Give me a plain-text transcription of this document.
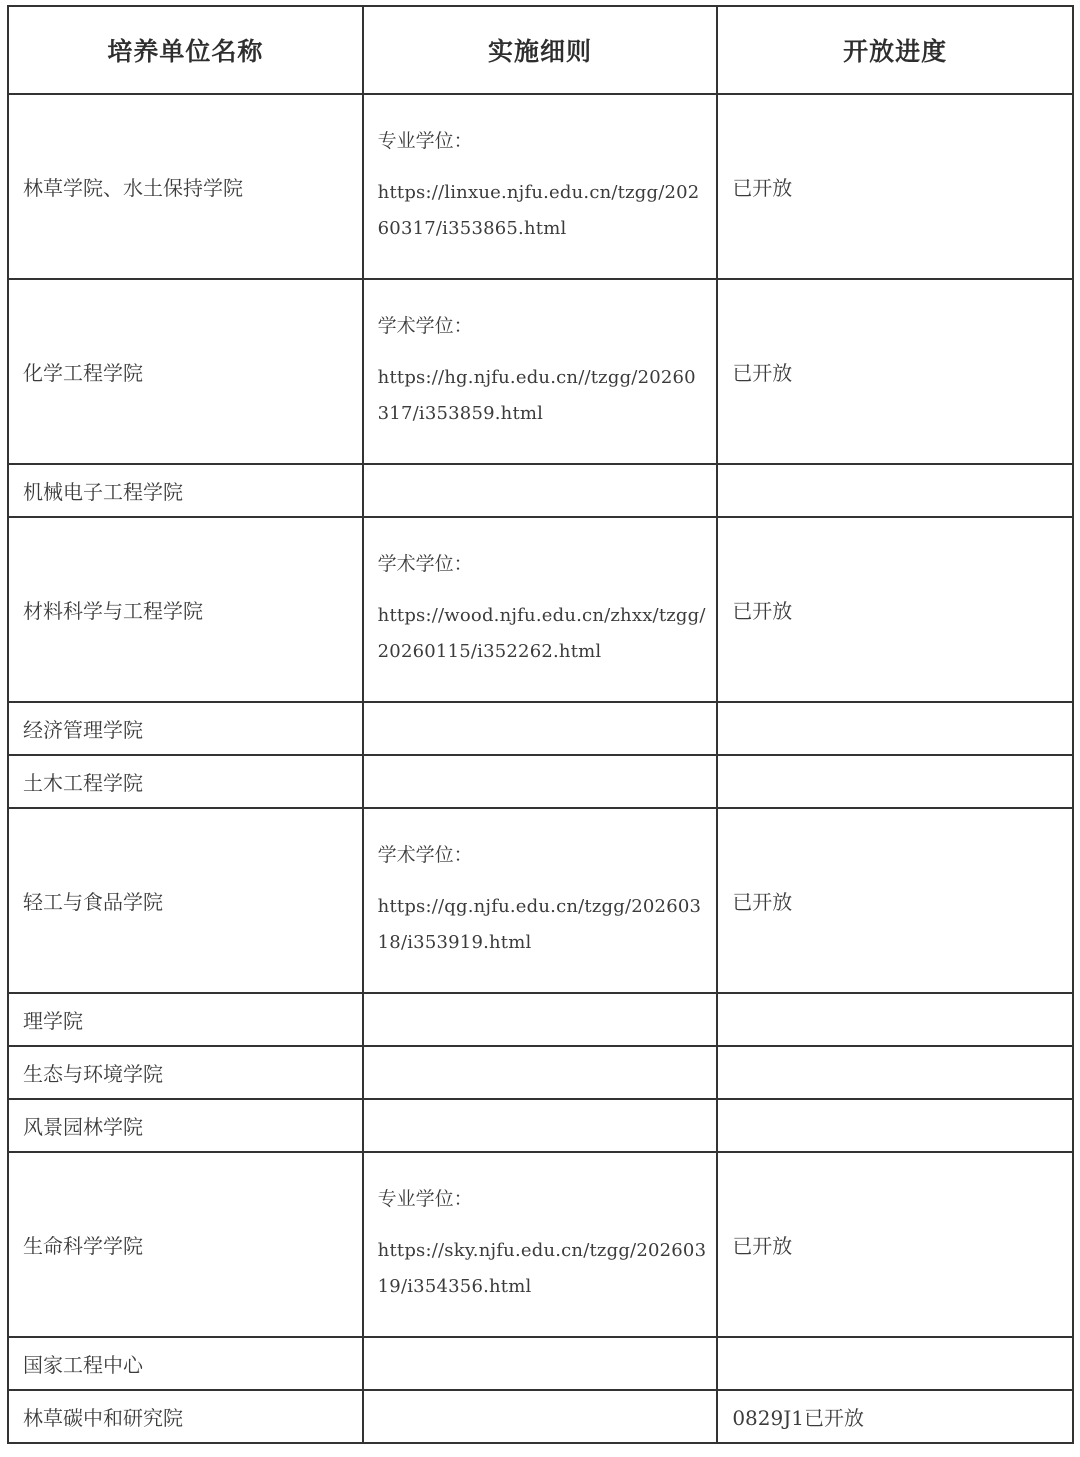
培养单位名称	实施细则	开放进度

林草学院、水土保持学院	专业学位：
https://linxue.njfu.edu.cn/tzgg/20260317/i353865.html	已开放

化学工程学院	学术学位：
https://hg.njfu.edu.cn//tzgg/20260317/i353859.html	已开放

机械电子工程学院		

材料科学与工程学院	学术学位：
https://wood.njfu.edu.cn/zhxx/tzgg/20260115/i352262.html	已开放

经济管理学院		

土木工程学院		

轻工与食品学院	学术学位：
https://qg.njfu.edu.cn/tzgg/20260318/i353919.html	已开放

理学院		

生态与环境学院		

风景园林学院		

生命科学学院	专业学位：
https://sky.njfu.edu.cn/tzgg/20260319/i354356.html	已开放

国家工程中心		

林草碳中和研究院		0829J1已开放
